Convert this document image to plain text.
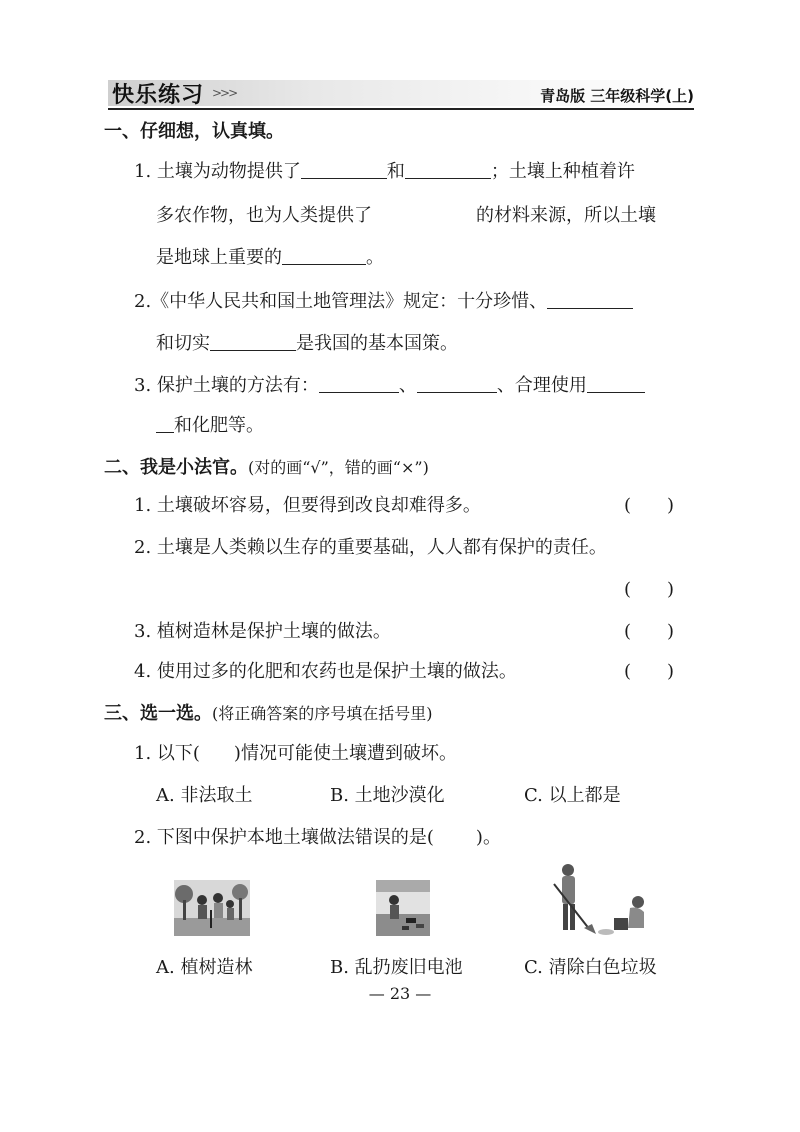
快乐练习 >>>	青岛版 三年级科学(上)
一、仔细想，认真填。
1. 土壤为动物提供了	和	；土壤上种植着许
多农作物，也为人类提供了	的材料来源，所以土壤
是地球上重要的	。
2.《中华人民共和国土地管理法》规定：十分珍惜、
和切实	是我国的基本国策。
3. 保护土壤的方法有：	、	、合理使用
和化肥等。
二、我是小法官。(对的画“√”，错的画“×”)
1. 土壤破坏容易，但要得到改良却难得多。	(　　)
2. 土壤是人类赖以生存的重要基础，人人都有保护的责任。
(　　)
3. 植树造林是保护土壤的做法。	(　　)
4. 使用过多的化肥和农药也是保护土壤的做法。	(　　)
三、选一选。(将正确答案的序号填在括号里)
1. 以下( )情况可能使土壤遭到破坏。
A. 非法取土	B. 土地沙漠化	C. 以上都是
2. 下图中保护本地土壤做法错误的是( )。
A. 植树造林	B. 乱扔废旧电池	C. 清除白色垃圾
— 23 —
